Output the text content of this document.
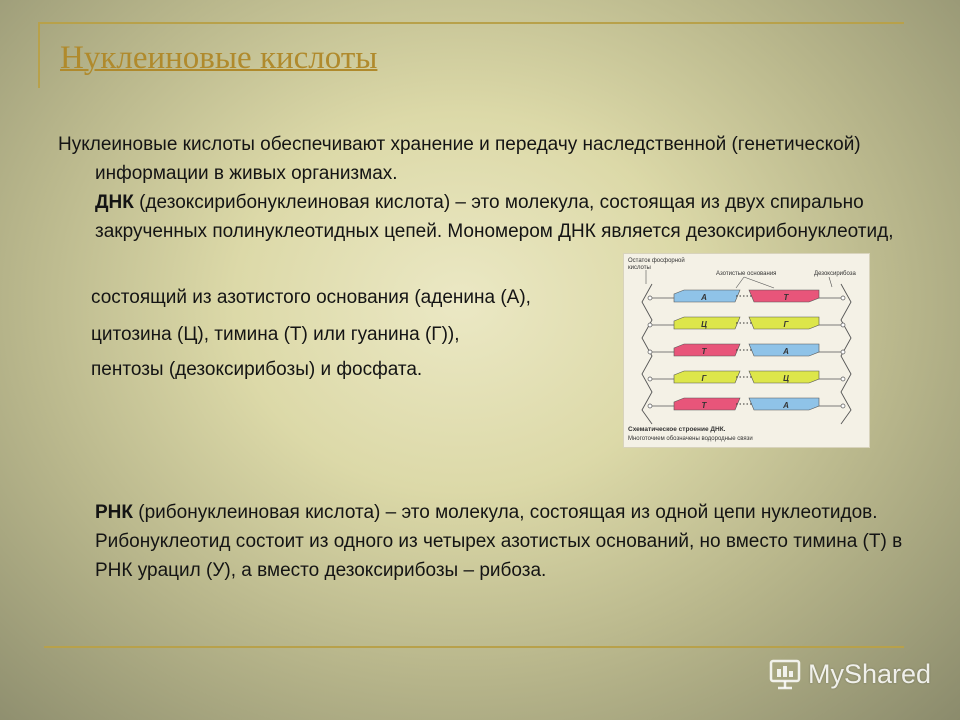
Нуклеиновые кислоты

Нуклеиновые кислоты обеспечивают хранение и передачу наследственной (генетической) информации в живых организмах.
ДНК (дезоксирибонуклеиновая кислота) – это молекула, состоящая из двух спирально закрученных полинуклеотидных цепей. Мономером ДНК является дезоксирибонуклеотид,

состоящий из азотистого основания (аденина (А),

цитозина (Ц), тимина (Т) или гуанина (Г)),

пентозы (дезоксирибозы) и фосфата.

Остаток фосфорной
кислоты
Азотистые основания	Дезоксирибоза
А	Т
Ц	Г
Т	А
Г	Ц
Т	А
Схематическое строение ДНК.
Многоточием обозначены водородные связи

РНК (рибонуклеиновая кислота) – это молекула, состоящая из одной цепи нуклеотидов. Рибонуклеотид состоит из одного из четырех азотистых оснований, но вместо тимина (Т) в РНК урацил (У), а вместо дезоксирибозы – рибоза.

MyShared
